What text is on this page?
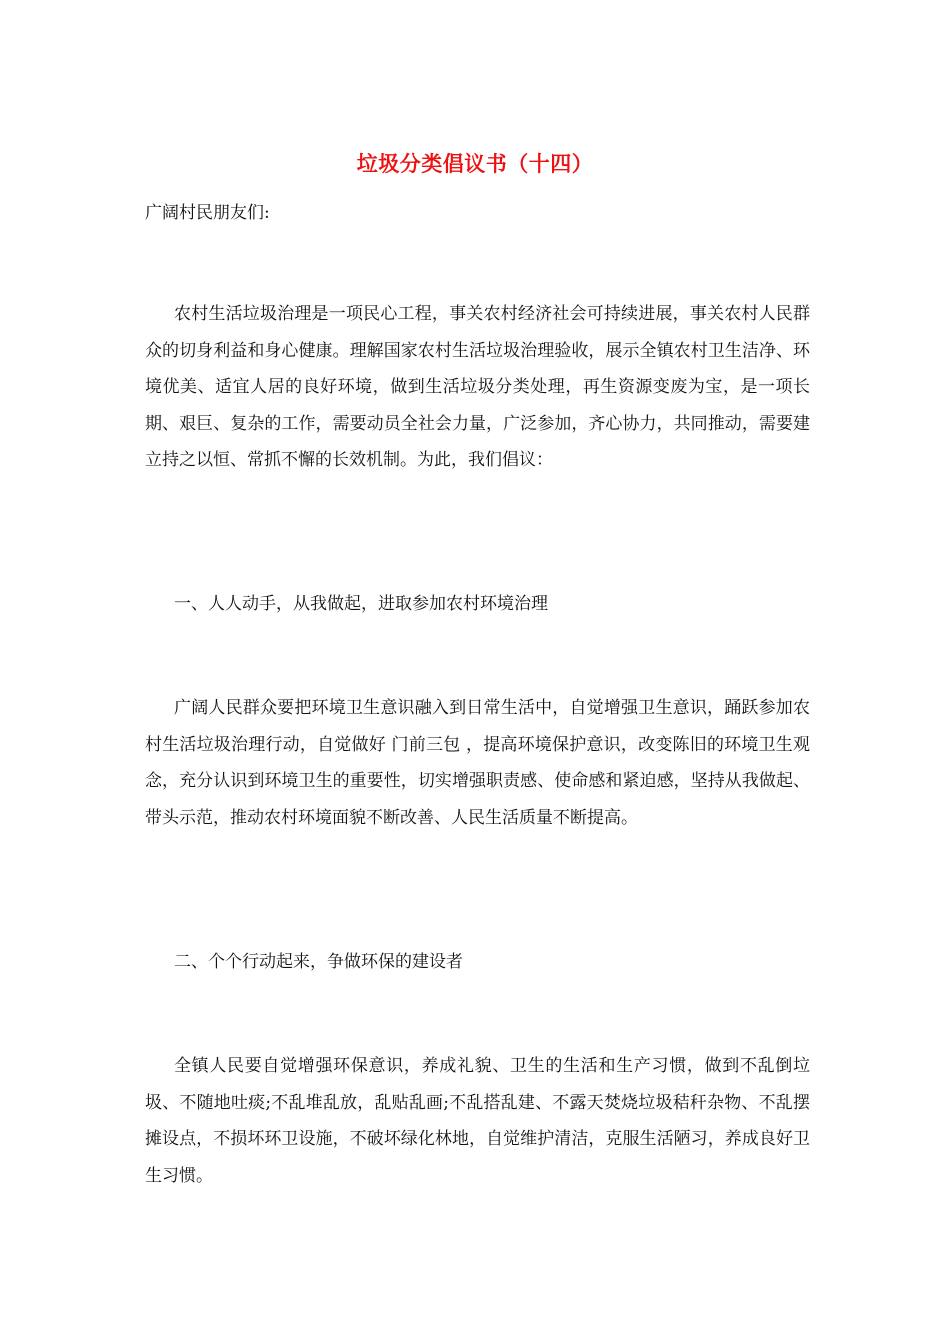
垃圾分类倡议书（十四）
广阔村民朋友们:

农村生活垃圾治理是一项民心工程，事关农村经济社会可持续进展，事关农村人民群众的切身利益和身心健康。理解国家农村生活垃圾治理验收，展示全镇农村卫生洁净、环境优美、适宜人居的良好环境，做到生活垃圾分类处理，再生资源变废为宝，是一项长期、艰巨、复杂的工作，需要动员全社会力量，广泛参加，齐心协力，共同推动，需要建立持之以恒、常抓不懈的长效机制。为此，我们倡议：

一、人人动手，从我做起，进取参加农村环境治理

广阔人民群众要把环境卫生意识融入到日常生活中，自觉增强卫生意识，踊跃参加农村生活垃圾治理行动，自觉做好 门前三包 ，提高环境保护意识，改变陈旧的环境卫生观念，充分认识到环境卫生的重要性，切实增强职责感、使命感和紧迫感，坚持从我做起、带头示范，推动农村环境面貌不断改善、人民生活质量不断提高。

二、个个行动起来，争做环保的建设者

全镇人民要自觉增强环保意识，养成礼貌、卫生的生活和生产习惯，做到不乱倒垃圾、不随地吐痰;不乱堆乱放，乱贴乱画;不乱搭乱建、不露天焚烧垃圾秸秆杂物、不乱摆摊设点，不损坏环卫设施，不破坏绿化林地，自觉维护清洁，克服生活陋习，养成良好卫生习惯。
